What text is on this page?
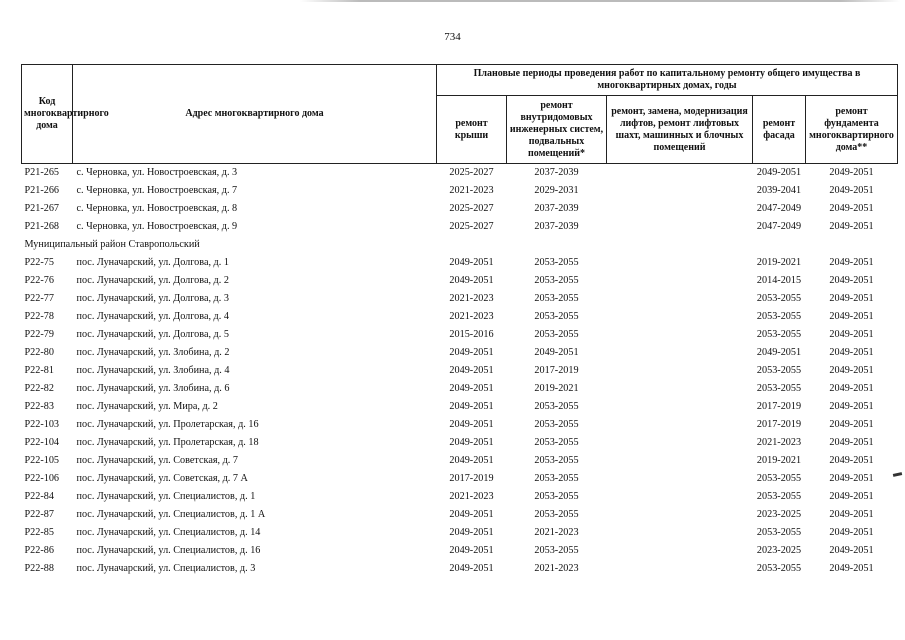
734
Код многоквартирного дома	Адрес многоквартирного дома	Плановые периоды проведения работ по капитальному ремонту общего имущества в многоквартирных домах, годы				
		ремонт крыши	ремонт внутридомовых инженерных систем, подвальных помещений*	ремонт, замена, модернизация лифтов, ремонт лифтовых шахт, машинных и блочных помещений	ремонт фасада	ремонт фундамента многоквартирного дома**
P21-265	с. Черновка, ул. Новостроевская, д. 3	2025-2027	2037-2039		2049-2051	2049-2051
P21-266	с. Черновка, ул. Новостроевская, д. 7	2021-2023	2029-2031		2039-2041	2049-2051
P21-267	с. Черновка, ул. Новостроевская, д. 8	2025-2027	2037-2039		2047-2049	2049-2051
P21-268	с. Черновка, ул. Новостроевская, д. 9	2025-2027	2037-2039		2047-2049	2049-2051
Муниципальный район Ставропольский						
P22-75	пос. Луначарский, ул. Долгова, д. 1	2049-2051	2053-2055		2019-2021	2049-2051
P22-76	пос. Луначарский, ул. Долгова, д. 2	2049-2051	2053-2055		2014-2015	2049-2051
P22-77	пос. Луначарский, ул. Долгова, д. 3	2021-2023	2053-2055		2053-2055	2049-2051
P22-78	пос. Луначарский, ул. Долгова, д. 4	2021-2023	2053-2055		2053-2055	2049-2051
P22-79	пос. Луначарский, ул. Долгова, д. 5	2015-2016	2053-2055		2053-2055	2049-2051
P22-80	пос. Луначарский, ул. Злобина, д. 2	2049-2051	2049-2051		2049-2051	2049-2051
P22-81	пос. Луначарский, ул. Злобина, д. 4	2049-2051	2017-2019		2053-2055	2049-2051
P22-82	пос. Луначарский, ул. Злобина, д. 6	2049-2051	2019-2021		2053-2055	2049-2051
P22-83	пос. Луначарский, ул. Мира, д. 2	2049-2051	2053-2055		2017-2019	2049-2051
P22-103	пос. Луначарский, ул. Пролетарская, д. 16	2049-2051	2053-2055		2017-2019	2049-2051
P22-104	пос. Луначарский, ул. Пролетарская, д. 18	2049-2051	2053-2055		2021-2023	2049-2051
P22-105	пос. Луначарский, ул. Советская, д. 7	2049-2051	2053-2055		2019-2021	2049-2051
P22-106	пос. Луначарский, ул. Советская, д. 7 А	2017-2019	2053-2055		2053-2055	2049-2051
P22-84	пос. Луначарский, ул. Специалистов, д. 1	2021-2023	2053-2055		2053-2055	2049-2051
P22-87	пос. Луначарский, ул. Специалистов, д. 1 А	2049-2051	2053-2055		2023-2025	2049-2051
P22-85	пос. Луначарский, ул. Специалистов, д. 14	2049-2051	2021-2023		2053-2055	2049-2051
P22-86	пос. Луначарский, ул. Специалистов, д. 16	2049-2051	2053-2055		2023-2025	2049-2051
P22-88	пос. Луначарский, ул. Специалистов, д. 3	2049-2051	2021-2023		2053-2055	2049-2051
